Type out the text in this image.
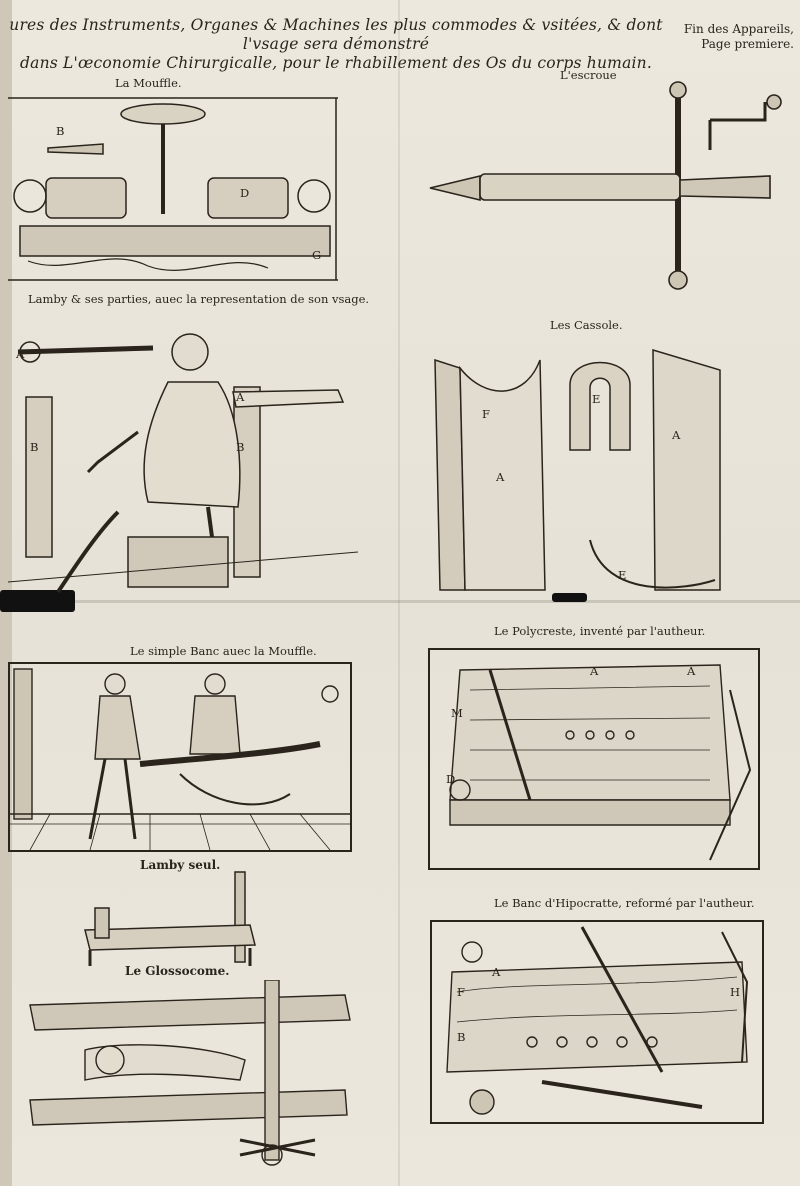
ures des Instruments, Organes & Machines les plus commodes & vsitées, & dont l'vsage sera démonstré
dans L'œconomie Chirurgicalle, pour le rhabillement des Os du corps humain.
Fin des Appareils,
Page premiere.
La Mouffle.
B
D
G
L'escroue
Lamby & ses parties, auec la representation de son vsage.
A
A
B	B
Les Cassole.
A
A
F
E
E
Le simple Banc auec la Mouffle.
Le Polycreste, inventé par l'autheur.
M
A	A
D
Lamby seul.
Le Glossocome.
Le Banc d'Hipocratte, reformé par l'autheur.
A
F
B
H
